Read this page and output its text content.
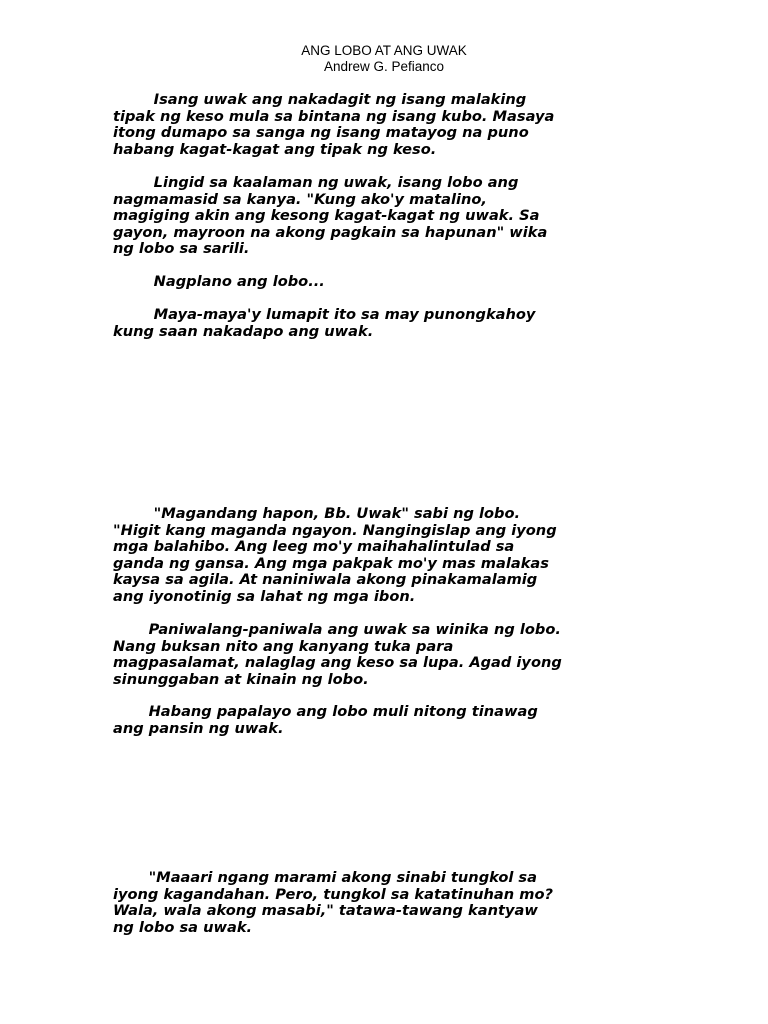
ANG LOBO AT ANG UWAK
Andrew G. Pefianco

Isang uwak ang nakadagit ng isang malaking
tipak ng keso mula sa bintana ng isang kubo. Masaya
itong dumapo sa sanga ng isang matayog na puno
habang kagat-kagat ang tipak ng keso.

Lingid sa kaalaman ng uwak, isang lobo ang
nagmamasid sa kanya. "Kung ako'y matalino,
magiging akin ang kesong kagat-kagat ng uwak. Sa
gayon, mayroon na akong pagkain sa hapunan" wika
ng lobo sa sarili.

Nagplano ang lobo...

Maya-maya'y lumapit ito sa may punongkahoy
kung saan nakadapo ang uwak.

"Magandang hapon, Bb. Uwak" sabi ng lobo.
"Higit kang maganda ngayon. Nangingislap ang iyong
mga balahibo. Ang leeg mo'y maihahalintulad sa
ganda ng gansa. Ang mga pakpak mo'y mas malakas
kaysa sa agila. At naniniwala akong pinakamalamig
ang iyonotinig sa lahat ng mga ibon.

Paniwalang-paniwala ang uwak sa winika ng lobo.
Nang buksan nito ang kanyang tuka para
magpasalamat, nalaglag ang keso sa lupa. Agad iyong
sinunggaban at kinain ng lobo.

Habang papalayo ang lobo muli nitong tinawag
ang pansin ng uwak.

"Maaari ngang marami akong sinabi tungkol sa
iyong kagandahan. Pero, tungkol sa katatinuhan mo?
Wala, wala akong masabi," tatawa-tawang kantyaw
ng lobo sa uwak.
